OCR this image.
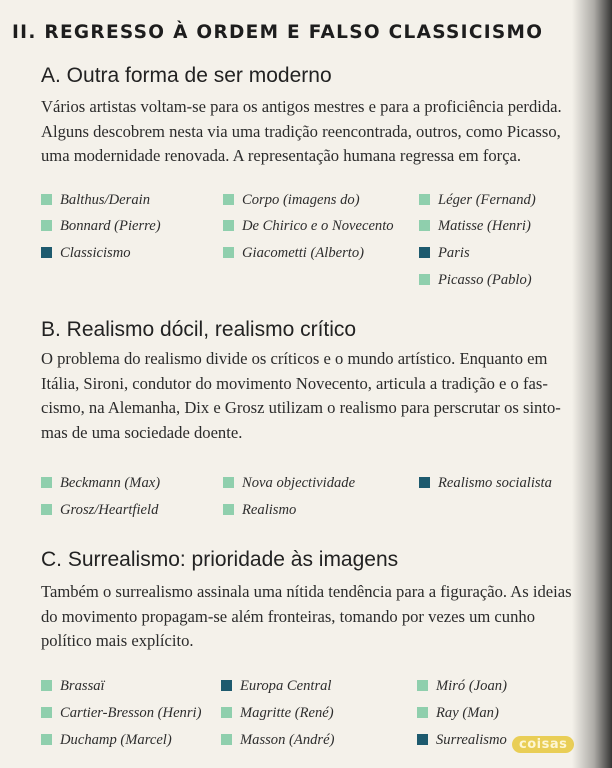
II. REGRESSO À ORDEM E FALSO CLASSICISMO
A. Outra forma de ser moderno

Vários artistas voltam-se para os antigos mestres e para a proficiência perdida.
Alguns descobrem nesta via uma tradição reencontrada, outros, como Picasso,
uma modernidade renovada. A representação humana regressa em força.

Balthus/Derain
Bonnard (Pierre)
Classicismo
Corpo (imagens do)
De Chirico e o Novecento
Giacometti (Alberto)
Léger (Fernand)
Matisse (Henri)
Paris
Picasso (Pablo)
B. Realismo dócil, realismo crítico

O problema do realismo divide os críticos e o mundo artístico. Enquanto em
Itália, Sironi, condutor do movimento Novecento, articula a tradição e o fas-
cismo, na Alemanha, Dix e Grosz utilizam o realismo para perscrutar os sinto-
mas de uma sociedade doente.

Beckmann (Max)
Grosz/Heartfield
Nova objectividade
Realismo
Realismo socialista
C. Surrealismo: prioridade às imagens

Também o surrealismo assinala uma nítida tendência para a figuração. As ideias
do movimento propagam-se além fronteiras, tomando por vezes um cunho
político mais explícito.

Brassaï
Cartier-Bresson (Henri)
Duchamp (Marcel)
Europa Central
Magritte (René)
Masson (André)
Miró (Joan)
Ray (Man)
Surrealismo coisas
